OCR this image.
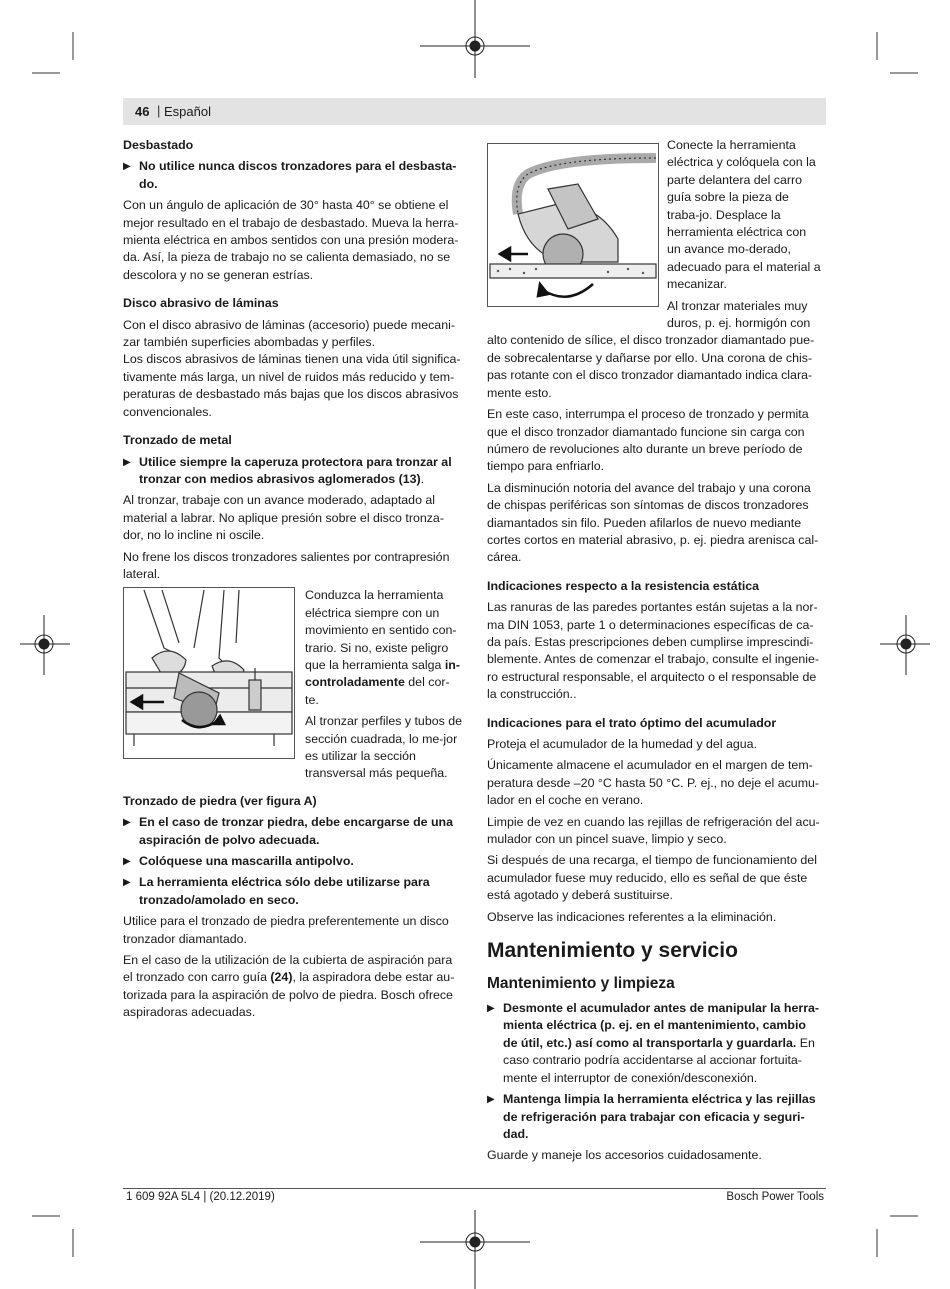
46 | Español
Desbastado
▶ No utilice nunca discos tronzadores para el desbasta-do.

Con un ángulo de aplicación de 30° hasta 40° se obtiene el mejor resultado en el trabajo de desbastado. Mueva la herra-mienta eléctrica en ambos sentidos con una presión modera-da. Así, la pieza de trabajo no se calienta demasiado, no se descolora y no se generan estrías.

Disco abrasivo de láminas

Con el disco abrasivo de láminas (accesorio) puede mecani-zar también superficies abombadas y perfiles.

Los discos abrasivos de láminas tienen una vida útil significa-tivamente más larga, un nivel de ruidos más reducido y tem-peraturas de desbastado más bajas que los discos abrasivos convencionales.

Tronzado de metal
▶ Utilice siempre la caperuza protectora para tronzar al tronzar con medios abrasivos aglomerados (13).

Al tronzar, trabaje con un avance moderado, adaptado al material a labrar. No aplique presión sobre el disco tronza-dor, no lo incline ni oscile.

No frene los discos tronzadores salientes por contrapresión lateral.

Conduzca la herramienta eléctrica siempre con un movimiento en sentido con-trario. Si no, existe peligro que la herramienta salga in-controladamente del cor-te.

Al tronzar perfiles y tubos de sección cuadrada, lo me-jor es utilizar la sección transversal más pequeña.

Tronzado de piedra (ver figura A)
▶ En el caso de tronzar piedra, debe encargarse de una aspiración de polvo adecuada.
▶ Colóquese una mascarilla antipolvo.
▶ La herramienta eléctrica sólo debe utilizarse para tronzado/amolado en seco.

Utilice para el tronzado de piedra preferentemente un disco tronzador diamantado.

En el caso de la utilización de la cubierta de aspiración para el tronzado con carro guía (24), la aspiradora debe estar au-torizada para la aspiración de polvo de piedra. Bosch ofrece aspiradoras adecuadas.

Conecte la herramienta eléctrica y colóquela con la parte delantera del carro guía sobre la pieza de traba-jo. Desplace la herramienta eléctrica con un avance mo-derado, adecuado para el material a mecanizar.

Al tronzar materiales muy duros, p. ej. hormigón con

alto contenido de sílice, el disco tronzador diamantado pue-de sobrecalentarse y dañarse por ello. Una corona de chis-pas rotante con el disco tronzador diamantado indica clara-mente esto.

En este caso, interrumpa el proceso de tronzado y permita que el disco tronzador diamantado funcione sin carga con número de revoluciones alto durante un breve período de tiempo para enfriarlo.

La disminución notoria del avance del trabajo y una corona de chispas periféricas son síntomas de discos tronzadores diamantados sin filo. Pueden afilarlos de nuevo mediante cortes cortos en material abrasivo, p. ej. piedra arenisca cal-cárea.

Indicaciones respecto a la resistencia estática

Las ranuras de las paredes portantes están sujetas a la nor-ma DIN 1053, parte 1 o determinaciones específicas de ca-da país. Estas prescripciones deben cumplirse imprescindi-blemente. Antes de comenzar el trabajo, consulte el ingenie-ro estructural responsable, el arquitecto o el responsable de la construcción..

Indicaciones para el trato óptimo del acumulador

Proteja el acumulador de la humedad y del agua.

Únicamente almacene el acumulador en el margen de tem-peratura desde –20 °C hasta 50 °C. P. ej., no deje el acumu-lador en el coche en verano.

Limpie de vez en cuando las rejillas de refrigeración del acu-mulador con un pincel suave, limpio y seco.

Si después de una recarga, el tiempo de funcionamiento del acumulador fuese muy reducido, ello es señal de que éste está agotado y deberá sustituirse.

Observe las indicaciones referentes a la eliminación.

Mantenimiento y servicio
Mantenimiento y limpieza
▶ Desmonte el acumulador antes de manipular la herra-mienta eléctrica (p. ej. en el mantenimiento, cambio de útil, etc.) así como al transportarla y guardarla. En caso contrario podría accidentarse al accionar fortuita-mente el interruptor de conexión/desconexión.
▶ Mantenga limpia la herramienta eléctrica y las rejillas de refrigeración para trabajar con eficacia y seguri-dad.

Guarde y maneje los accesorios cuidadosamente.

1 609 92A 5L4 | (20.12.2019)	Bosch Power Tools
